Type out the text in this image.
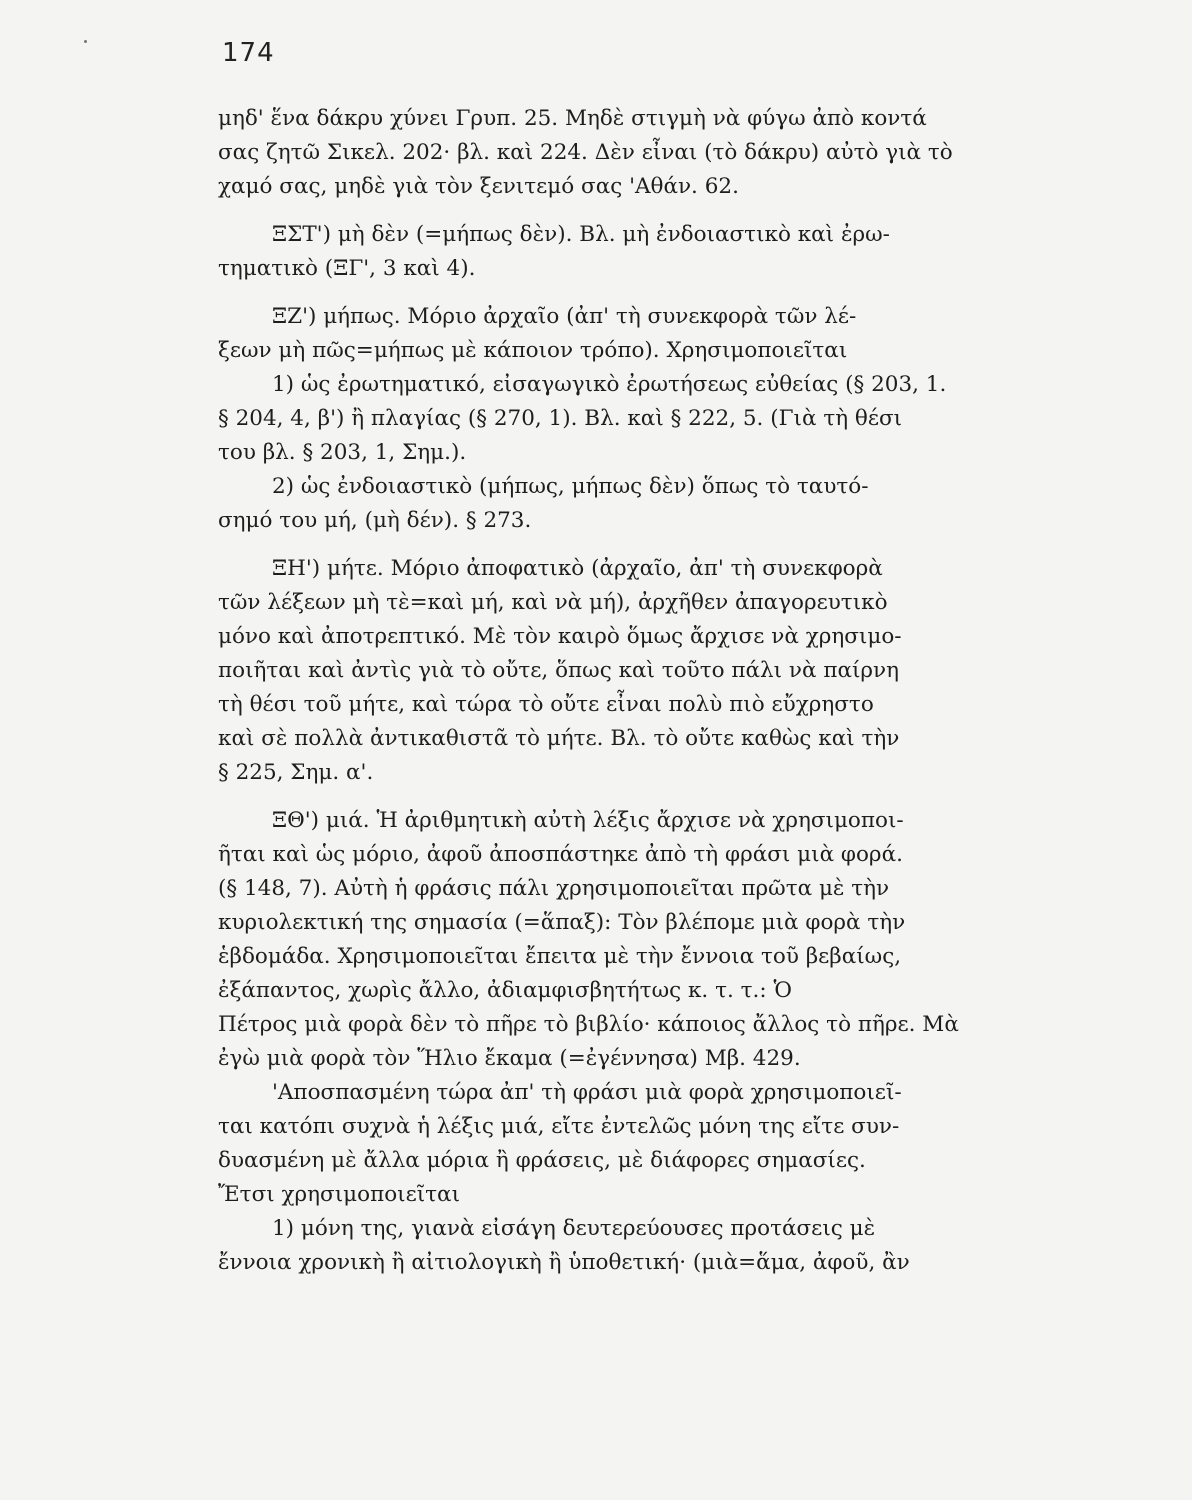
174
μηδ' ἕνα δάκρυ χύνει Γρυπ. 25. Μηδὲ στιγμὴ νὰ φύγω ἀπὸ κοντά
σας ζητῶ Σικελ. 202· βλ. καὶ 224. Δὲν εἶναι (τὸ δάκρυ) αὐτὸ γιὰ τὸ
χαμό σας, μηδὲ γιὰ τὸν ξενιτεμό σας 'Αθάν. 62.
ΞΣΤ') μὴ δὲν (=μήπως δὲν). Βλ. μὴ ἐνδοιαστικὸ καὶ ἐρω-
τηματικὸ (ΞΓ', 3 καὶ 4).
ΞΖ') μήπως. Μόριο ἀρχαῖο (ἀπ' τὴ συνεκφορὰ τῶν λέ-
ξεων μὴ πῶς=μήπως μὲ κάποιον τρόπο). Χρησιμοποιεῖται
1) ὡς ἐρωτηματικό, εἰσαγωγικὸ ἐρωτήσεως εὐθείας (§ 203, 1.
§ 204, 4, β') ἢ πλαγίας (§ 270, 1). Βλ. καὶ § 222, 5. (Γιὰ τὴ θέσι
του βλ. § 203, 1, Σημ.).
2) ὡς ἐνδοιαστικὸ (μήπως, μήπως δὲν) ὅπως τὸ ταυτό-
σημό του μή, (μὴ δέν). § 273.
ΞΗ') μήτε. Μόριο ἀποφατικὸ (ἀρχαῖο, ἀπ' τὴ συνεκφορὰ
τῶν λέξεων μὴ τὲ=καὶ μή, καὶ νὰ μή), ἀρχῆθεν ἀπαγορευτικὸ
μόνο καὶ ἀποτρεπτικό. Μὲ τὸν καιρὸ ὅμως ἄρχισε νὰ χρησιμο-
ποιῆται καὶ ἀντὶς γιὰ τὸ οὔτε, ὅπως καὶ τοῦτο πάλι νὰ παίρνη
τὴ θέσι τοῦ μήτε, καὶ τώρα τὸ οὔτε εἶναι πολὺ πιὸ εὔχρηστο
καὶ σὲ πολλὰ ἀντικαθιστᾶ τὸ μήτε. Βλ. τὸ οὔτε καθὼς καὶ τὴν
§ 225, Σημ. α'.
ΞΘ') μιά. Ἡ ἀριθμητικὴ αὐτὴ λέξις ἄρχισε νὰ χρησιμοποι-
ῆται καὶ ὡς μόριο, ἀφοῦ ἀποσπάστηκε ἀπὸ τὴ φράσι μιὰ φορά.
(§ 148, 7). Αὐτὴ ἡ φράσις πάλι χρησιμοποιεῖται πρῶτα μὲ τὴν
κυριολεκτική της σημασία (=ἅπαξ): Τὸν βλέπομε μιὰ φορὰ τὴν
ἑβδομάδα. Χρησιμοποιεῖται ἔπειτα μὲ τὴν ἔννοια τοῦ βεβαίως,
ἐξάπαντος, χωρὶς ἄλλο, ἀδιαμφισβητήτως κ. τ. τ.: Ὁ
Πέτρος μιὰ φορὰ δὲν τὸ πῆρε τὸ βιβλίο· κάποιος ἄλλος τὸ πῆρε. Μὰ
ἐγὼ μιὰ φορὰ τὸν Ἥλιο ἔκαμα (=ἐγέννησα) Μβ. 429.
'Αποσπασμένη τώρα ἀπ' τὴ φράσι μιὰ φορὰ χρησιμοποιεῖ-
ται κατόπι συχνὰ ἡ λέξις μιά, εἴτε ἐντελῶς μόνη της εἴτε συν-
δυασμένη μὲ ἄλλα μόρια ἢ φράσεις, μὲ διάφορες σημασίες.
Ἔτσι χρησιμοποιεῖται
1) μόνη της, γιανὰ εἰσάγη δευτερεύουσες προτάσεις μὲ
ἔννοια χρονικὴ ἢ αἰτιολογικὴ ἢ ὑποθετική· (μιὰ=ἅμα, ἀφοῦ, ἂν
